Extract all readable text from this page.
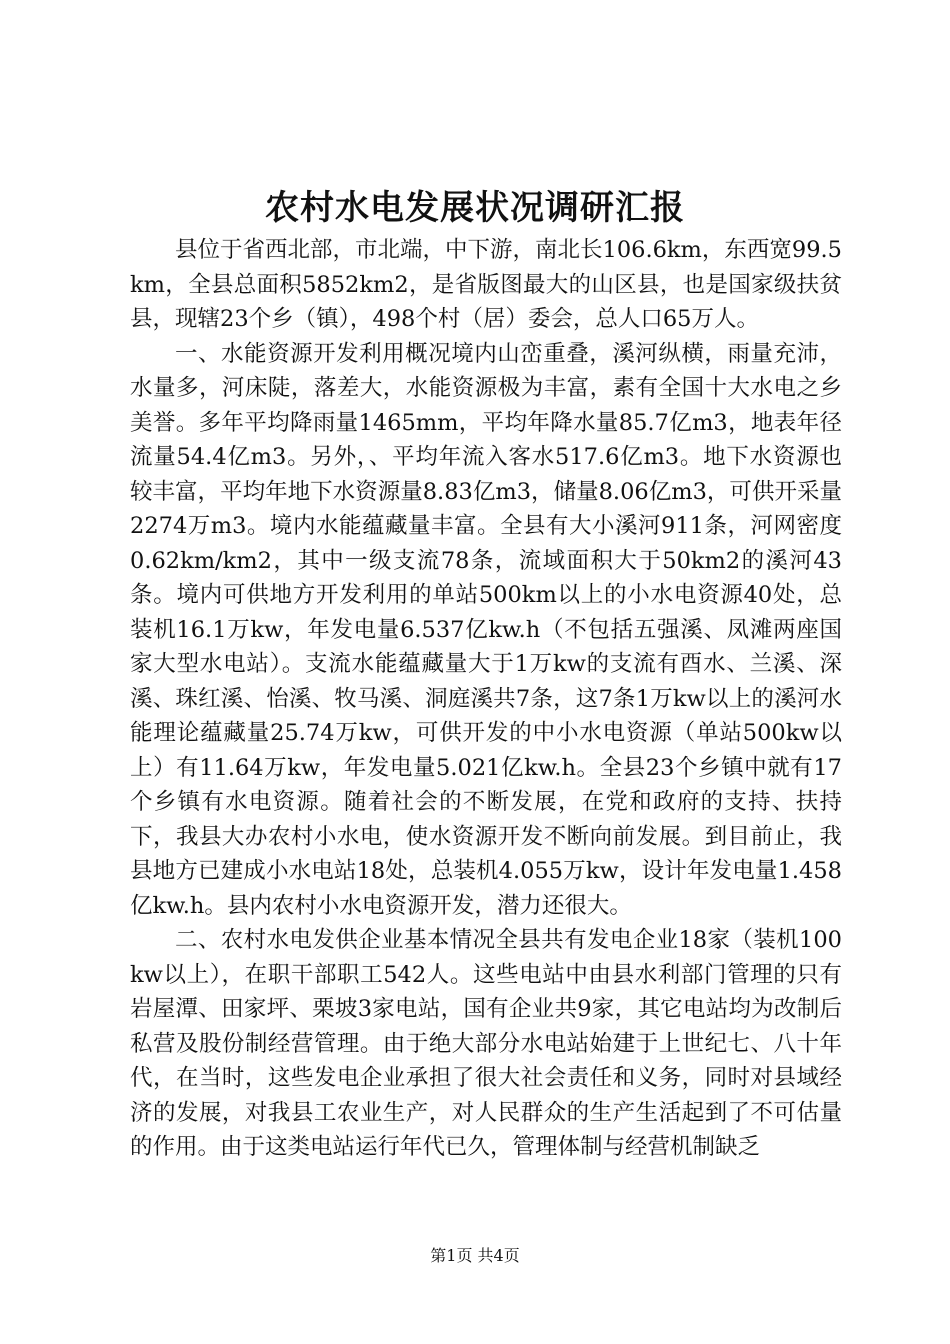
农村水电发展状况调研汇报

县位于省西北部，市北端，中下游，南北长106.6km，东西宽99.5km，全县总面积5852km2，是省版图最大的山区县，也是国家级扶贫县，现辖23个乡（镇），498个村（居）委会，总人口65万人。

一、水能资源开发利用概况境内山峦重叠，溪河纵横，雨量充沛，水量多，河床陡，落差大，水能资源极为丰富，素有全国十大水电之乡美誉。多年平均降雨量1465mm，平均年降水量85.7亿m3，地表年径流量54.4亿m3。另外，、平均年流入客水517.6亿m3。地下水资源也较丰富，平均年地下水资源量8.83亿m3，储量8.06亿m3，可供开采量2274万m3。境内水能蕴藏量丰富。全县有大小溪河911条，河网密度0.62km/km2，其中一级支流78条，流域面积大于50km2的溪河43条。境内可供地方开发利用的单站500km以上的小水电资源40处，总装机16.1万kw，年发电量6.537亿kw.h（不包括五强溪、凤滩两座国家大型水电站）。支流水能蕴藏量大于1万kw的支流有酉水、兰溪、深溪、珠红溪、怡溪、牧马溪、洞庭溪共7条，这7条1万kw以上的溪河水能理论蕴藏量25.74万kw，可供开发的中小水电资源（单站500kw以上）有11.64万kw，年发电量5.021亿kw.h。全县23个乡镇中就有17个乡镇有水电资源。随着社会的不断发展，在党和政府的支持、扶持下，我县大办农村小水电，使水资源开发不断向前发展。到目前止，我县地方已建成小水电站18处，总装机4.055万kw，设计年发电量1.458亿kw.h。县内农村小水电资源开发，潜力还很大。

二、农村水电发供企业基本情况全县共有发电企业18家（装机100kw以上），在职干部职工542人。这些电站中由县水利部门管理的只有岩屋潭、田家坪、栗坡3家电站，国有企业共9家，其它电站均为改制后私营及股份制经营管理。由于绝大部分水电站始建于上世纪七、八十年代，在当时，这些发电企业承担了很大社会责任和义务，同时对县域经济的发展，对我县工农业生产，对人民群众的生产生活起到了不可估量的作用。由于这类电站运行年代已久，管理体制与经营机制缺乏

第1页 共4页
